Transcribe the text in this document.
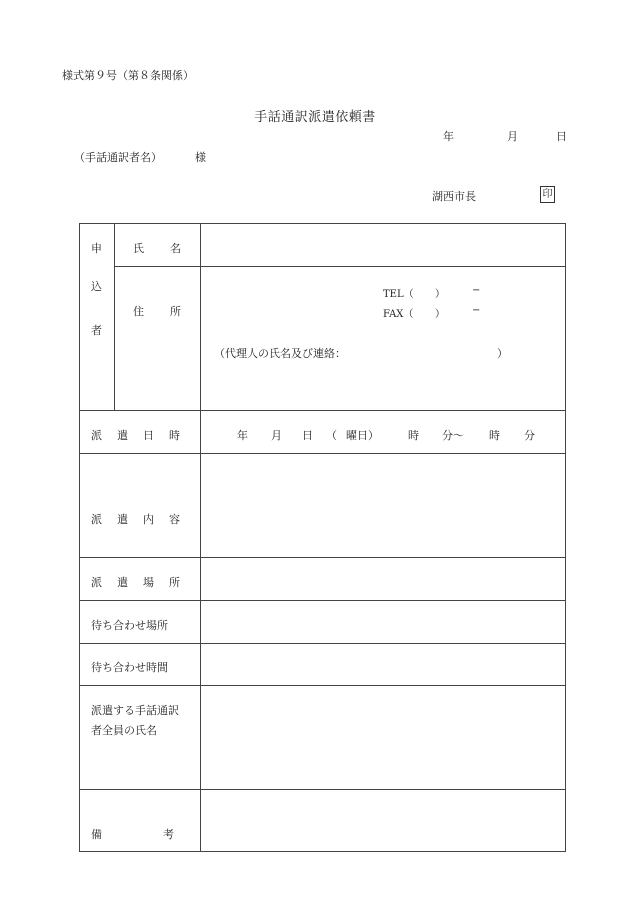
様式第９号（第８条関係）
手話通訳派遣依頼書
年	月	日
（手話通訳者名）	様
湖西市長	印
申
込
者
氏 名
住 所
TEL（ ）	−
FAX（ ）	−
（代理人の氏名及び連絡：	）
派 遣 日 時	年 月 日 （ 曜日）	時 分〜 時 分
派 遣 内 容
派 遣 場 所
待ち合わせ場所
待ち合わせ時間
派遣する手話通訳
者全員の氏名
備	考
